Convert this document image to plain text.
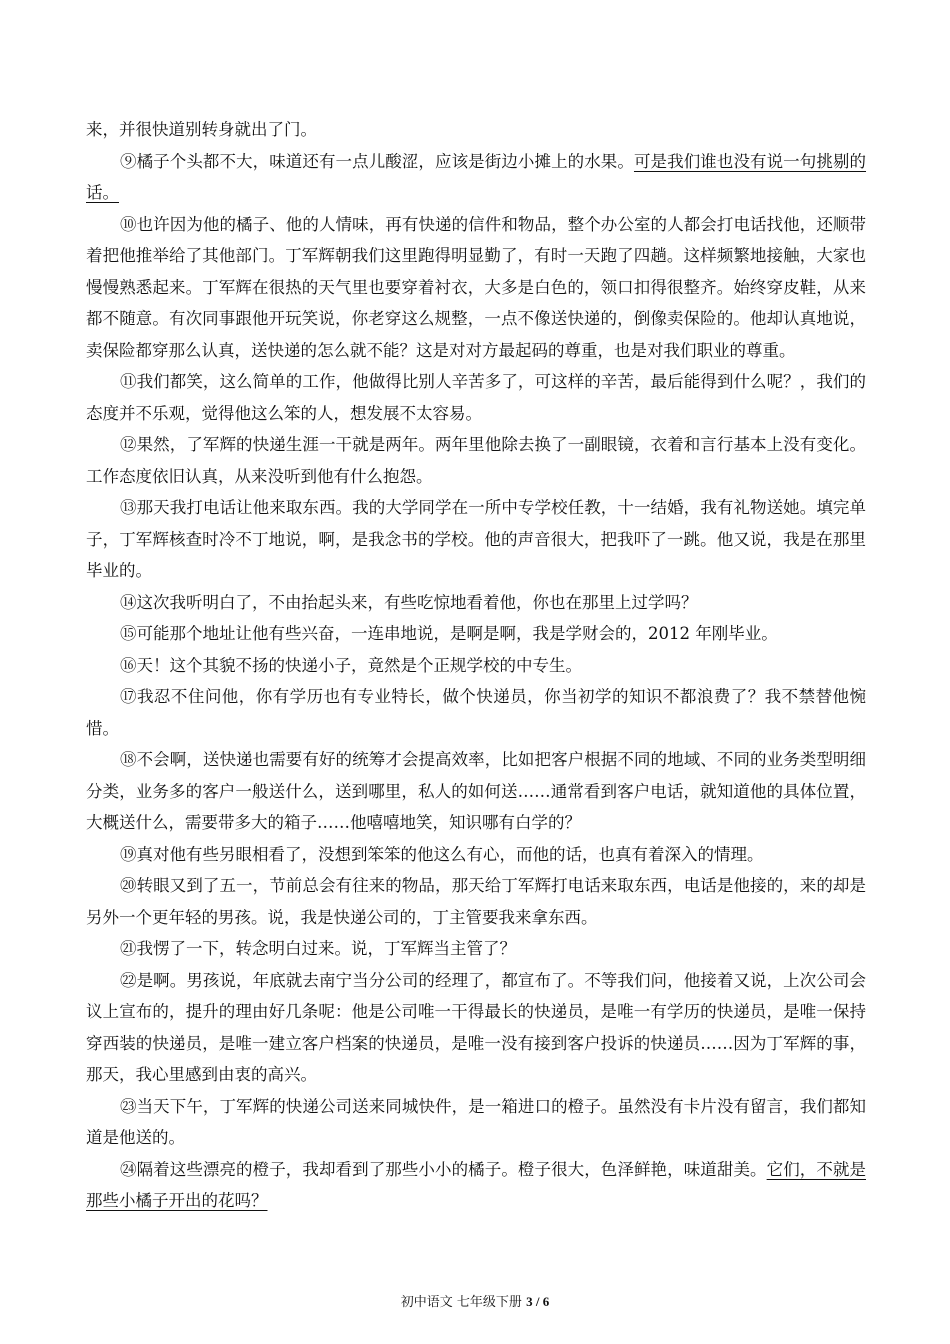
来，并很快道别转身就出了门。

⑨橘子个头都不大，味道还有一点儿酸涩，应该是街边小摊上的水果。可是我们谁也没有说一句挑剔的话。

⑩也许因为他的橘子、他的人情味，再有快递的信件和物品，整个办公室的人都会打电话找他，还顺带着把他推举给了其他部门。丁军辉朝我们这里跑得明显勤了，有时一天跑了四趟。这样频繁地接触，大家也慢慢熟悉起来。丁军辉在很热的天气里也要穿着衬衣，大多是白色的，领口扣得很整齐。始终穿皮鞋，从来都不随意。有次同事跟他开玩笑说，你老穿这么规整，一点不像送快递的，倒像卖保险的。他却认真地说，卖保险都穿那么认真，送快递的怎么就不能？这是对对方最起码的尊重，也是对我们职业的尊重。

⑪我们都笑，这么简单的工作，他做得比别人辛苦多了，可这样的辛苦，最后能得到什么呢？，我们的态度并不乐观，觉得他这么笨的人，想发展不太容易。

⑫果然，了军辉的快递生涯一干就是两年。两年里他除去换了一副眼镜，衣着和言行基本上没有变化。工作态度依旧认真，从来没听到他有什么抱怨。

⑬那天我打电话让他来取东西。我的大学同学在一所中专学校任教，十一结婚，我有礼物送她。填完单子，丁军辉核查时冷不丁地说，啊，是我念书的学校。他的声音很大，把我吓了一跳。他又说，我是在那里毕业的。

⑭这次我听明白了，不由抬起头来，有些吃惊地看着他，你也在那里上过学吗？

⑮可能那个地址让他有些兴奋，一连串地说，是啊是啊，我是学财会的，2012 年刚毕业。

⑯天！这个其貌不扬的快递小子，竟然是个正规学校的中专生。

⑰我忍不住问他，你有学历也有专业特长，做个快递员，你当初学的知识不都浪费了？我不禁替他惋惜。

⑱不会啊，送快递也需要有好的统筹才会提高效率，比如把客户根据不同的地域、不同的业务类型明细分类，业务多的客户一般送什么，送到哪里，私人的如何送……通常看到客户电话，就知道他的具体位置，大概送什么，需要带多大的箱子……他嘻嘻地笑，知识哪有白学的？

⑲真对他有些另眼相看了，没想到笨笨的他这么有心，而他的话，也真有着深入的情理。

⑳转眼又到了五一，节前总会有往来的物品，那天给丁军辉打电话来取东西，电话是他接的，来的却是另外一个更年轻的男孩。说，我是快递公司的，丁主管要我来拿东西。

㉑我愣了一下，转念明白过来。说，丁军辉当主管了？

㉒是啊。男孩说，年底就去南宁当分公司的经理了，都宣布了。不等我们问，他接着又说，上次公司会议上宣布的，提升的理由好几条呢：他是公司唯一干得最长的快递员，是唯一有学历的快递员，是唯一保持穿西装的快递员，是唯一建立客户档案的快递员，是唯一没有接到客户投诉的快递员……因为丁军辉的事，那天，我心里感到由衷的高兴。

㉓当天下午，丁军辉的快递公司送来同城快件，是一箱进口的橙子。虽然没有卡片没有留言，我们都知道是他送的。

㉔隔着这些漂亮的橙子，我却看到了那些小小的橘子。橙子很大，色泽鲜艳，味道甜美。它们，不就是那些小橘子开出的花吗？

初中语文 七年级下册 3 / 6
